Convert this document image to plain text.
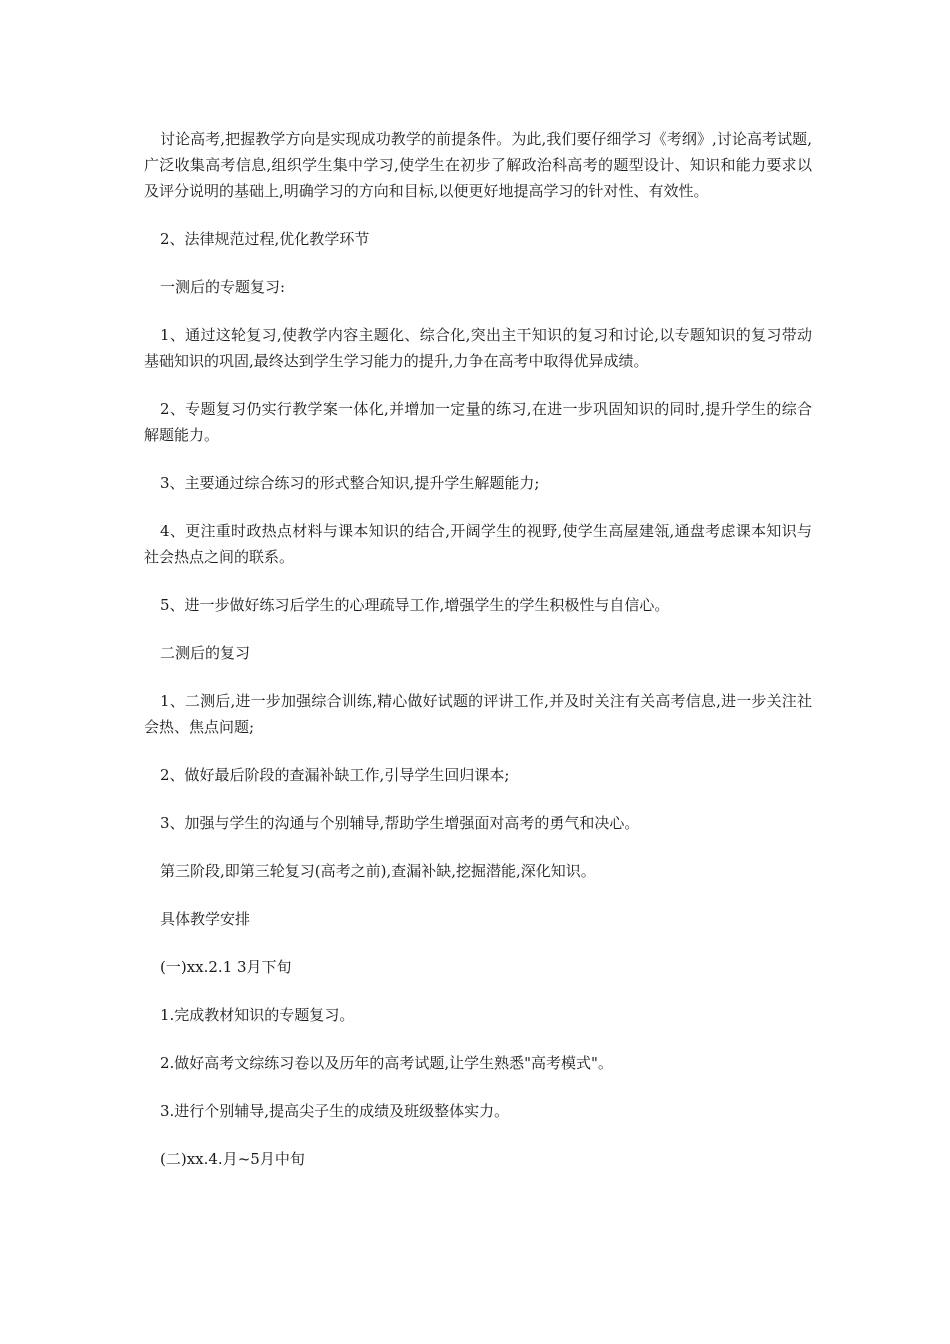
讨论高考,把握教学方向是实现成功教学的前提条件。为此,我们要仔细学习《考纲》,讨论高考试题,广泛收集高考信息,组织学生集中学习,使学生在初步了解政治科高考的题型设计、知识和能力要求以及评分说明的基础上,明确学习的方向和目标,以便更好地提高学习的针对性、有效性。

2、法律规范过程,优化教学环节

一测后的专题复习:

1、通过这轮复习,使教学内容主题化、综合化,突出主干知识的复习和讨论,以专题知识的复习带动基础知识的巩固,最终达到学生学习能力的提升,力争在高考中取得优异成绩。

2、专题复习仍实行教学案一体化,并增加一定量的练习,在进一步巩固知识的同时,提升学生的综合解题能力。

3、主要通过综合练习的形式整合知识,提升学生解题能力;

4、更注重时政热点材料与课本知识的结合,开阔学生的视野,使学生高屋建瓴,通盘考虑课本知识与社会热点之间的联系。

5、进一步做好练习后学生的心理疏导工作,增强学生的学生积极性与自信心。

二测后的复习

1、二测后,进一步加强综合训练,精心做好试题的评讲工作,并及时关注有关高考信息,进一步关注社会热、焦点问题;

2、做好最后阶段的查漏补缺工作,引导学生回归课本;

3、加强与学生的沟通与个别辅导,帮助学生增强面对高考的勇气和决心。

第三阶段,即第三轮复习(高考之前),查漏补缺,挖掘潜能,深化知识。

具体教学安排

(一)xx.2.1 3月下旬

1.完成教材知识的专题复习。

2.做好高考文综练习卷以及历年的高考试题,让学生熟悉"高考模式"。

3.进行个别辅导,提高尖子生的成绩及班级整体实力。

(二)xx.4.月~5月中旬
